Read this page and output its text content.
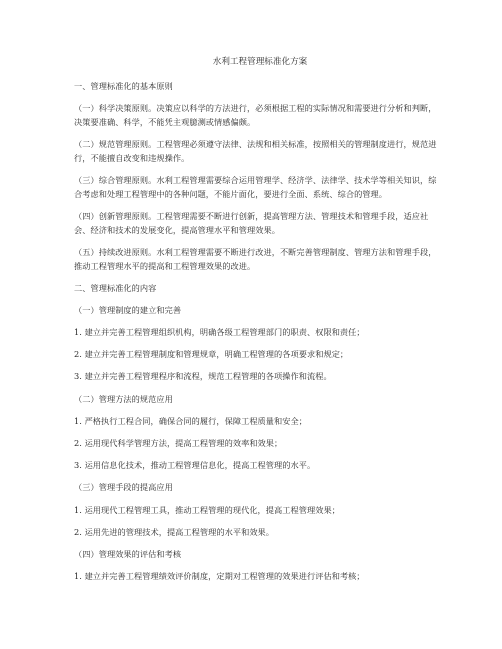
水利工程管理标准化方案
一、管理标准化的基本原则
（一）科学决策原则。决策应以科学的方法进行，必须根据工程的实际情况和需要进行分析和判断，决策要准确、科学，不能凭主观臆测或情感偏颇。
（二）规范管理原则。工程管理必须遵守法律、法规和相关标准，按照相关的管理制度进行，规范进行，不能擅自改变和违规操作。
（三）综合管理原则。水利工程管理需要综合运用管理学、经济学、法律学、技术学等相关知识，综合考虑和处理工程管理中的各种问题，不能片面化，要进行全面、系统、综合的管理。
（四）创新管理原则。工程管理需要不断进行创新，提高管理方法、管理技术和管理手段，适应社会、经济和技术的发展变化，提高管理水平和管理效果。
（五）持续改进原则。水利工程管理需要不断进行改进，不断完善管理制度、管理方法和管理手段，推动工程管理水平的提高和工程管理效果的改进。
二、管理标准化的内容
（一）管理制度的建立和完善
1. 建立并完善工程管理组织机构，明确各级工程管理部门的职责、权限和责任；
2. 建立并完善工程管理制度和管理规章，明确工程管理的各项要求和规定；
3. 建立并完善工程管理程序和流程，规范工程管理的各项操作和流程。
（二）管理方法的规范应用
1. 严格执行工程合同，确保合同的履行，保障工程质量和安全；
2. 运用现代科学管理方法，提高工程管理的效率和效果；
3. 运用信息化技术，推动工程管理信息化，提高工程管理的水平。
（三）管理手段的提高应用
1. 运用现代工程管理工具，推动工程管理的现代化，提高工程管理效果；
2. 运用先进的管理技术，提高工程管理的水平和效果。
（四）管理效果的评估和考核
1. 建立并完善工程管理绩效评价制度，定期对工程管理的效果进行评估和考核；
